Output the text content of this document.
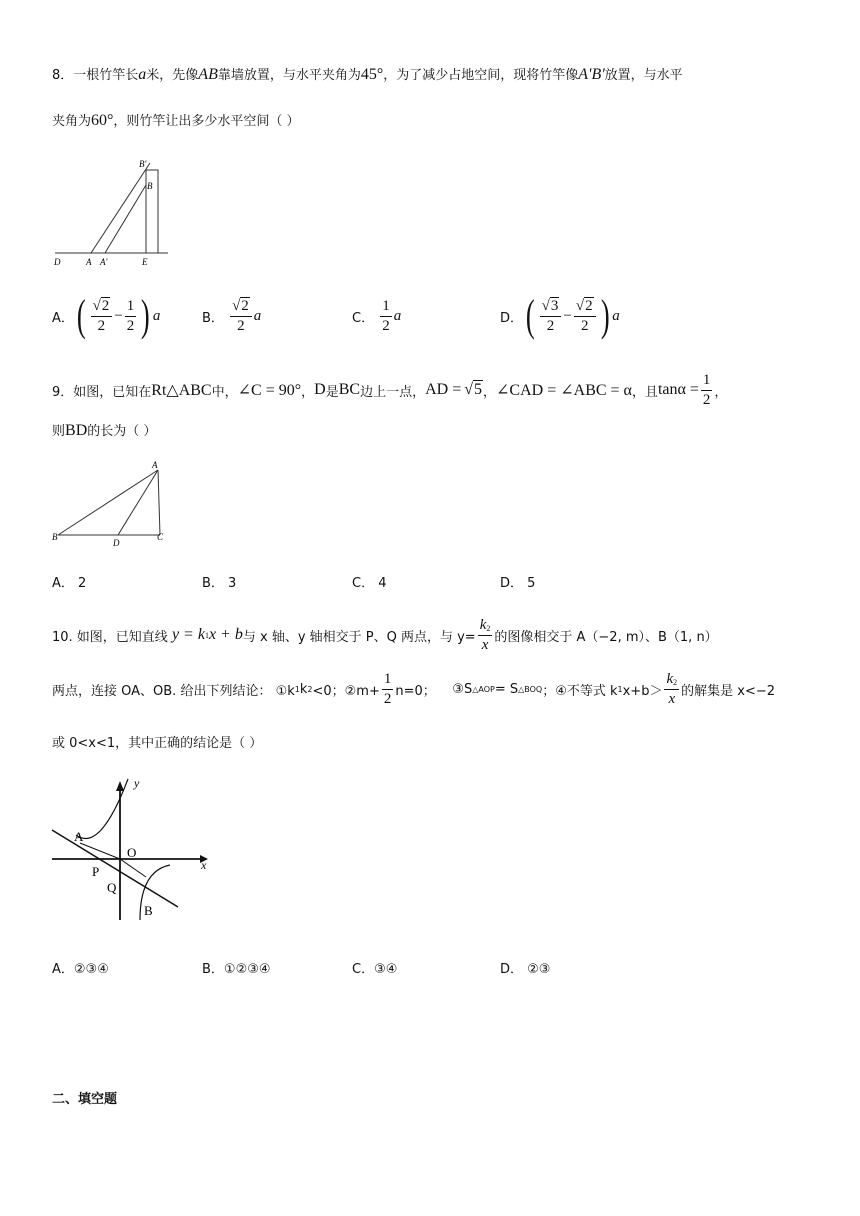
8．一根竹竿长a米，先像AB靠墙放置，与水平夹角为45°，为了减少占地空间，现将竹竿像A'B'放置，与水平
夹角为60°，则竹竿让出多少水平空间（ ）
B'
B
D	A A'	E
A． ( $\frac{√2}{2} - \frac{1}{2}$ ) a	B．
$\frac{√2}{2}$ a	C．
$\frac{1}{2}$ a	D． ( $\frac{√3}{2} - \frac{√2}{2}$ ) a
9．如图，已知在 Rt△ABC 中， ∠C = 90° ， D 是 BC 边上一点， AD = √5 ， ∠CAD = ∠ABC = α ，且 $\tan\alpha = \frac{1}{2}$ ，
则BD的长为（ ）
A
B
D
C
A． 2	B． 3	C． 4	D． 5
10. 如图，已知直线
y = k 1 x + b 与 x 轴、y 轴相交于 P、Q 两点，与 $y= \frac{k_2}{x}$ 的图像相交于 A（−2, m）、B（1, n）
两点，连接 OA、OB. 给出下列结论： ①k 1 k 2 <0；②m+ $\frac{1}{2} n=0$；
③S △AOP = S △BOQ ；④不等式 k 1 $x+b> \frac{k_2}{x}$ 的解集是 x<−2
或 0<x<1，其中正确的结论是（ ）
y
x
A
O
P
Q
B
A．②③④	B．①②③④	C．③④	D． ②③
二、填空题
